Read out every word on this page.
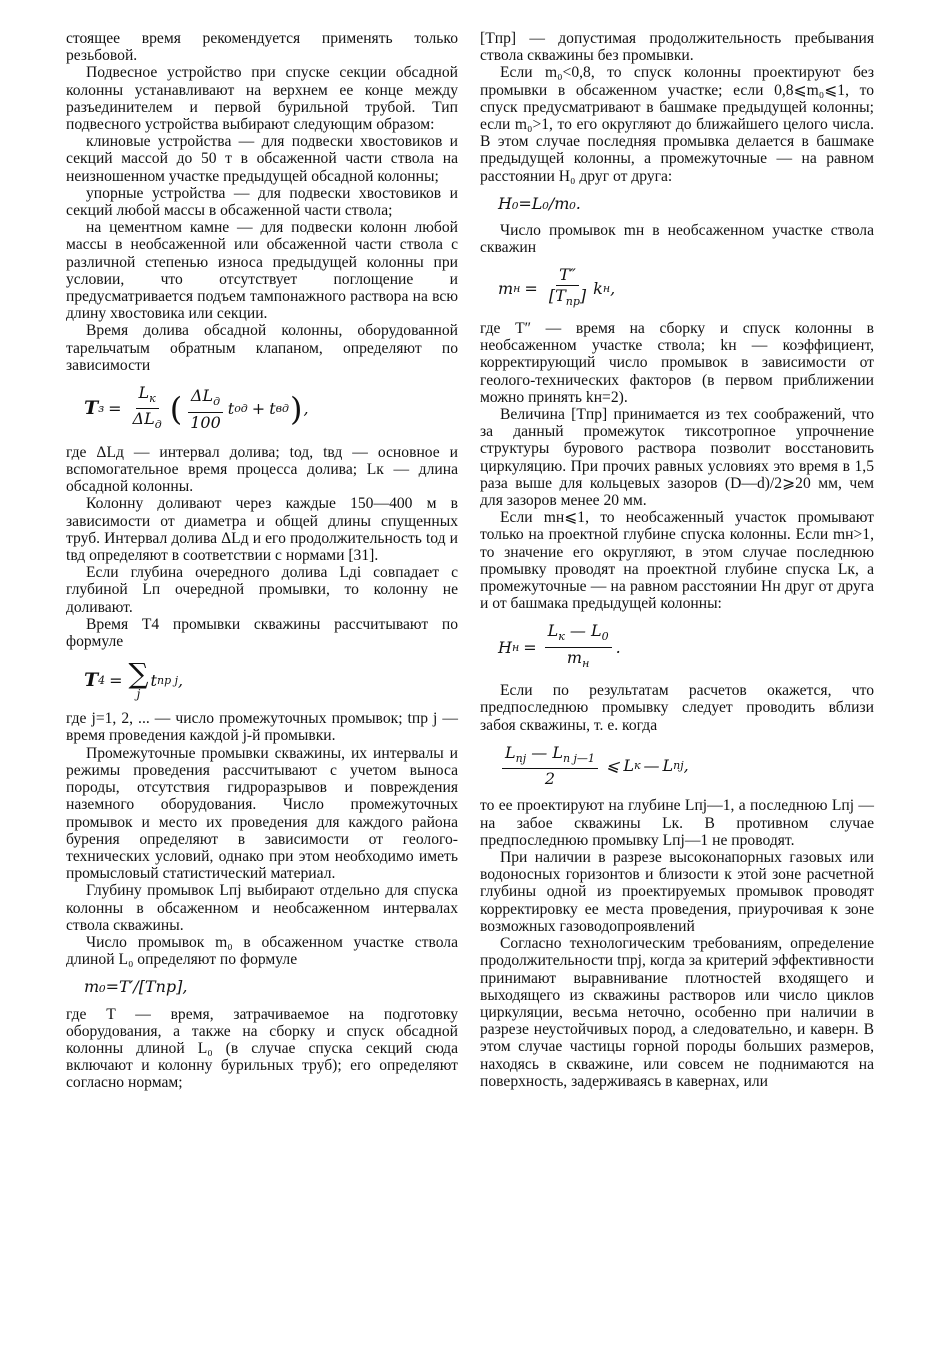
стоящее время рекомендуется применять только резьбовой.

Подвесное устройство при спуске секции обсадной колонны устанавливают на верхнем ее конце между разъединителем и первой бурильной трубой. Тип подвесного устройства выбирают следующим образом:

клиновые устройства — для подвески хвостовиков и секций массой до 50 т в обсаженной части ствола на неизношенном участке предыдущей обсадной колонны;

упорные устройства — для подвески хвостовиков и секций любой массы в обсаженной части ствола;

на цементном камне — для подвески колонн любой массы в необсаженной или обсаженной части ствола с различной степенью износа предыдущей колонны при условии, что отсутствует поглощение и предусматривается подъем тампонажного раствора на всю длину хвостовика или секции.

Время долива обсадной колонны, оборудованной тарельчатым обратным клапаном, определяют по зависимости

T $з = \frac{L_к}{\Delta L_д}$ ( $\frac{\Delta L_д}{100}$ t од + t вд ) ,

где ΔLд — интервал долива; tод, tвд — основное и вспомогательное время процесса долива; Lк — длина обсадной колонны.

Колонну доливают через каждые 150—400 м в зависимости от диаметра и общей длины спущенных труб. Интервал долива ΔLд и его продолжительность tод и tвд определяют в соответствии с нормами [31].

Если глубина очередного долива Lдi совпадает с глубиной Lп очередной промывки, то колонну не доливают.

Время T4 промывки скважины рассчитывают по формуле

T 4 = ∑
j
t пр j ,

где j=1, 2, ... — число промежуточных промывок; tпр j — время проведения каждой j-й промывки.

Промежуточные промывки скважины, их интервалы и режимы проведения рассчитывают с учетом выноса породы, отсутствия гидроразрывов и повреждения наземного оборудования. Число промежуточных промывок и место их проведения для каждого района бурения определяют в зависимости от геолого-технических условий, однако при этом необходимо иметь промысловый статистический материал.

Глубину промывок Lпj выбирают отдельно для спуска колонны в обсаженном и необсаженном интервалах ствола скважины.

Число промывок m₀ в обсаженном участке ствола длиной L₀ определяют по формуле

m₀=T′/[Tпр],

где T — время, затрачиваемое на подготовку оборудования, а также на сборку и спуск обсадной колонны длиной L₀ (в случае спуска секций сюда включают и колонну бурильных труб); его определяют согласно нормам;

[Tпр] — допустимая продолжительность пребывания ствола скважины без промывки.

Если m₀<0,8, то спуск колонны проектируют без промывки в обсаженном участке; если 0,8⩽m₀⩽1, то спуск предусматривают в башмаке предыдущей колонны; если m₀>1, то его округляют до ближайшего целого числа. В этом случае последняя промывка делается в башмаке предыдущей колонны, а промежуточные — на равном расстоянии H₀ друг от друга:

H₀=L₀/m₀.

Число промывок mн в необсаженном участке ствола скважин

m $н = \frac{T''}{[T_{пр}]}$ k н ,

где T″ — время на сборку и спуск колонны в необсаженном участке ствола; kн — коэффициент, корректирующий число промывок в зависимости от геолого-технических факторов (в первом приближении можно принять kн=2).

Величина [Tпр] принимается из тех соображений, что за данный промежуток тиксотропное упрочнение структуры бурового раствора позволит восстановить циркуляцию. При прочих равных условиях это время в 1,5 раза выше для кольцевых зазоров (D—d)/2⩾20 мм, чем для зазоров менее 20 мм.

Если mн⩽1, то необсаженный участок промывают только на проектной глубине спуска колонны. Если mн>1, то значение его округляют, в этом случае последнюю промывку проводят на проектной глубине спуска Lк, а промежуточные — на равном расстоянии Hн друг от друга и от башмака предыдущей колонны:

H $н = \frac{L_к — L_0}{m_н}$ .

Если по результатам расчетов окажется, что предпоследнюю промывку следует проводить вблизи забоя скважины, т. е. когда

$\frac{L_{пj} — L_{п j—1}}{2}$ ⩽ L к — L пj ,

то ее проектируют на глубине Lпj—1, а последнюю Lпj — на забое скважины Lк. В противном случае предпоследнюю промывку Lпj—1 не проводят.

При наличии в разрезе высоконапорных газовых или водоносных горизонтов и близости к этой зоне расчетной глубины одной из проектируемых промывок проводят корректировку ее места проведения, приурочивая к зоне возможных газоводопроявлений

Согласно технологическим требованиям, определение продолжительности tпрj, когда за критерий эффективности принимают выравнивание плотностей входящего и выходящего из скважины растворов или число циклов циркуляции, весьма неточно, особенно при наличии в разрезе неустойчивых пород, а следовательно, и каверн. В этом случае частицы горной породы больших размеров, находясь в скважине, или совсем не поднимаются на поверхность, задерживаясь в кавернах, или
